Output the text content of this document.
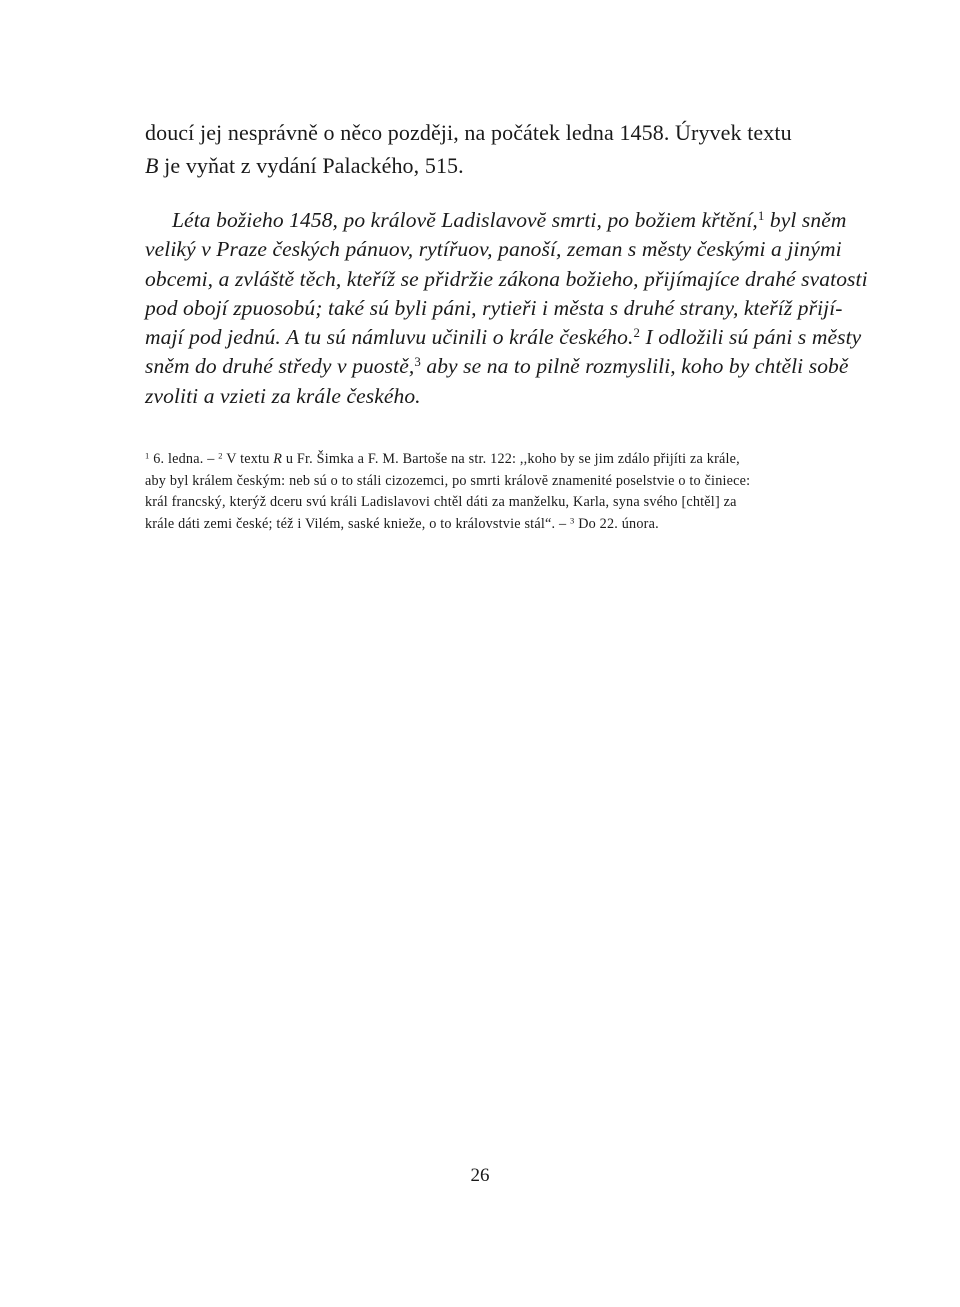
doucí jej nesprávně o něco později, na počátek ledna 1458. Úryvek textu
B je vyňat z vydání Palackého, 515.
Léta božieho 1458, po královĕ Ladislavovĕ smrti, po božiem křtění,$^1$ byl sněm
veliký v Praze českých pánuov, rytířuov, panoší, zeman s městy českými a jinými
obcemi, a zvláště těch, kteříž se přidržie zákona božieho, přijímajíce drahé svatosti
pod obojí zpuosobú; také sú byli páni, rytieři i města s druhé strany, kteříž přijí-
mají pod jednú. A tu sú námluvu učinili o krále českého.$^2$ I odložili sú páni s městy
sněm do druhé středy v puostě,$^3$ aby se na to pilně rozmyslili, koho by chtěli sobě
zvoliti a vzieti za krále českého.
$^1$ 6. ledna. – $^2$ V textu R u Fr. Šimka a F. M. Bartoše na str. 122: ,,koho by se jim zdálo přijíti za krále,
aby byl králem českým: neb sú o to stáli cizozemci, po smrti královĕ znamenité poselstvie o to činiece:
král francský, kterýž dceru svú králi Ladislavovi chtěl dáti za manželku, Karla, syna svého [chtěl] za
krále dáti zemi české; též i Vilém, saské knieže, o to královstvie stál“. – $^3$ Do 22. února.
26
